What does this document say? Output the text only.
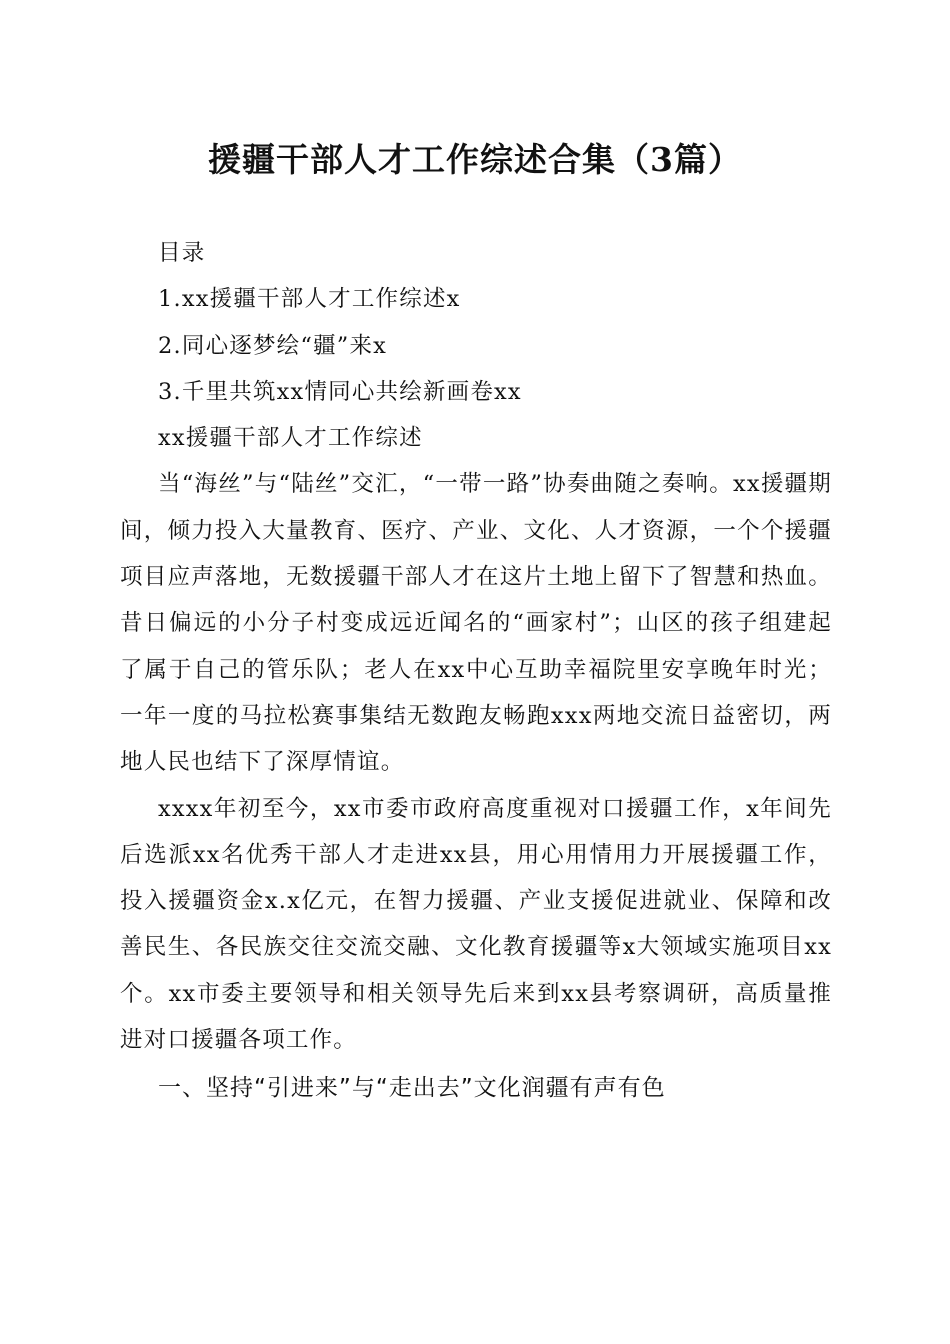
援疆干部人才工作综述合集（3篇）

目录

1.xx援疆干部人才工作综述x

2.同心逐梦绘“疆”来x

3.千里共筑xx情同心共绘新画卷xx

xx援疆干部人才工作综述

当“海丝”与“陆丝”交汇，“一带一路”协奏曲随之奏响。xx援疆期间，倾力投入大量教育、医疗、产业、文化、人才资源，一个个援疆项目应声落地，无数援疆干部人才在这片土地上留下了智慧和热血。昔日偏远的小分子村变成远近闻名的“画家村”；山区的孩子组建起了属于自己的管乐队；老人在xx中心互助幸福院里安享晚年时光；一年一度的马拉松赛事集结无数跑友畅跑xxx两地交流日益密切，两地人民也结下了深厚情谊。

xxxx年初至今，xx市委市政府高度重视对口援疆工作，x年间先后选派xx名优秀干部人才走进xx县，用心用情用力开展援疆工作，投入援疆资金x.x亿元，在智力援疆、产业支援促进就业、保障和改善民生、各民族交往交流交融、文化教育援疆等x大领域实施项目xx个。xx市委主要领导和相关领导先后来到xx县考察调研，高质量推进对口援疆各项工作。

一、坚持“引进来”与“走出去”文化润疆有声有色
